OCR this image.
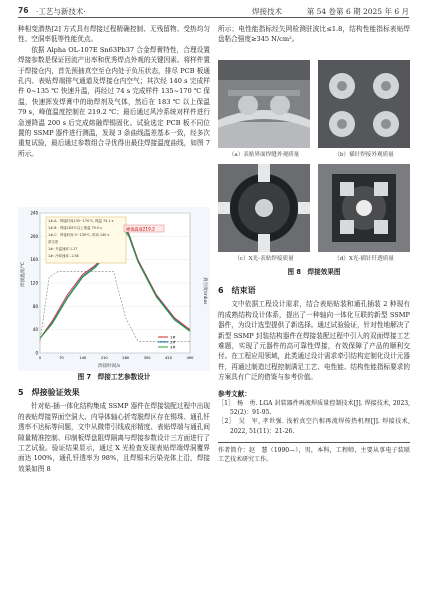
76 ·工艺与新技术·	焊接技术	第 54 卷第 6 期 2025 年 6 月

种相变潜热[2] 方式具有焊接过程精确控制、无残留物、受热均匀性、空洞率低等性能优点。

依据 Alpha OL-107E Sn63Pb37 合金焊膏特性，合理设置焊接参数是保证回流产出率和优秀焊点外观的关键因素。将样件置于焊接仓内，首先预抽真空至仓内处于负压状态，排尽 PCB 板通孔内、表贴焊端排气通道及焊接仓内空气；其次经 140 s 完成样件 0~135 ℃ 快速升温，再经过 74 s 完成样件 135~170 ℃ 保温，快速挥发焊膏中的助焊剂及气体，然后在 183 ℃ 以上保温 79 s，峰值温度控制在 219.2 ℃；最后通过风冷系统对样件进行急速降温 200 s 后完成熔融焊锡固化。试验选定 PCB 板不同位置的 SSMP 器件进行测温，发现 3 条曲线温差基本一致，经多次重复试验，最后通过参数组合寻优得出最佳焊接温度曲线，如图 7 所示。

0
40
80
120
160
200
240
0	70	140	210	280	350	420	490
1#-A：焊接时间135~170℃, 保温 74.1 s
1#-B：焊接183℃以上保温 79.0 s
1#-C：焊接时间 0~135℃, 时间 140 s
真空度
1#: 升温速率 1.27
1#: 冷却速率 -1.58
1#
2#
3#
峰值温度219.2
焊接温度/℃
真空度/mbar
焊接时间/s
图 7　焊接工艺参数设计
5　焊接验证效果

针对贴-插一体化结构集成 SSMP 器件在焊接装配过程中出现的表贴焊接界面空洞大、内导体轴心折弯脱焊区存在锡珠、通孔钎透率不达标等问题，文中从微带引线成形精度、表贴焊端与通孔间隙量精准控制、印制板焊盘阻焊隔离与焊接参数设计三方面进行了工艺试验。验证结果显示，通过 X 光检查发现表贴焊端焊洞覆界面达 100%，通孔钎透率为 98%，且焊锡未污染壳体上沿，焊接效果如图 8

所示；电性能指标经矢网检测驻波比≤1.8，结构性能指标表贴焊盘粘合强度≥345 N/cm²。

（a）表贴界面焊缝外观质量	（b）插针焊接外观质量
（c）X光-表贴焊接质量	（d）X光-插针钎透质量
图 8　焊接效果图
6　结束语

文中依据工程设计需求，结合表贴贴装和通孔插装 2 种现有的成熟结构设计体系，提出了一种轴向一体化互联的新型 SSMP 器件，为设计选型提供了新选择。通过试验验证，针对性地解决了新型 SSMP 封装结构器件在焊接装配过程中引入的双面焊接工艺难题，实现了元器件的高可靠性焊接，有效保障了产品的顺利交付。在工程应用领域，此类通过设计需求牵引结构定制化设计元器件，再通过制造过程控制满足工艺、电性能、结构性能指标要求的方案具有广泛的借鉴与参考价值。

参考文献：
［1］　杨　勇. LGA 封装器件再流焊质量控制技术[J]. 焊接技术, 2023, 52(2)：91-95.
［2］　吴　军, 孝世强. 浅析真空汽相再流焊传热机理[J]. 焊接技术, 2022, 51(11)：21-26.
作者简介：赵　慧（1990—），男，本科，工程师，主要从事电子装联工艺技术研究工作。
